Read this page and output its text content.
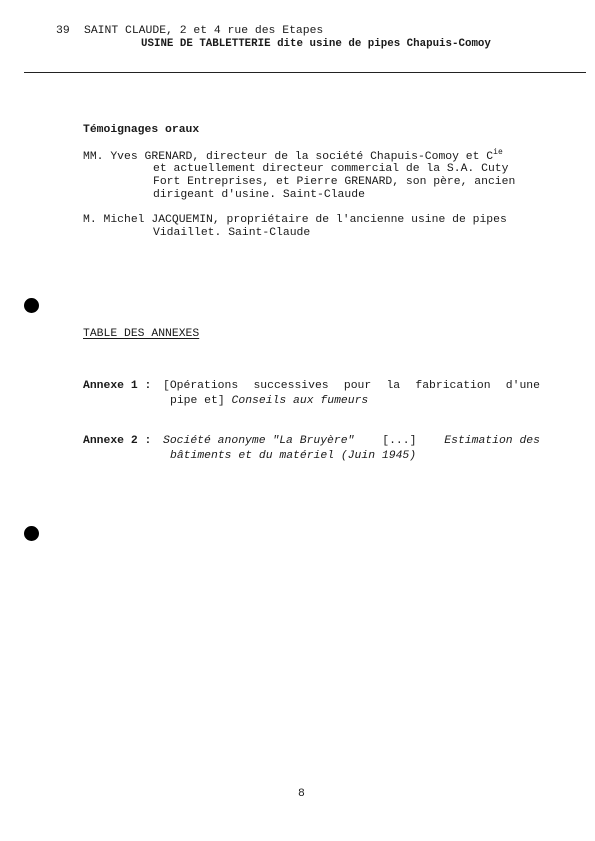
39 SAINT CLAUDE, 2 et 4 rue des Etapes
USINE DE TABLETTERIE dite usine de pipes Chapuis-Comoy
Témoignages oraux
MM. Yves GRENARD, directeur de la société Chapuis-Comoy et $C^{ie}$
et actuellement directeur commercial de la S.A. Cuty
Fort Entreprises, et Pierre GRENARD, son père, ancien
dirigeant d'usine. Saint-Claude
M. Michel JACQUEMIN, propriétaire de l'ancienne usine de pipes
Vidaillet. Saint-Claude
TABLE DES ANNEXES
Annexe 1 : [Opérations successives pour la fabrication d'une
pipe et] Conseils aux fumeurs
Annexe 2 : Société anonyme "La Bruyère" [...] Estimation des
bâtiments et du matériel (Juin 1945)
8
